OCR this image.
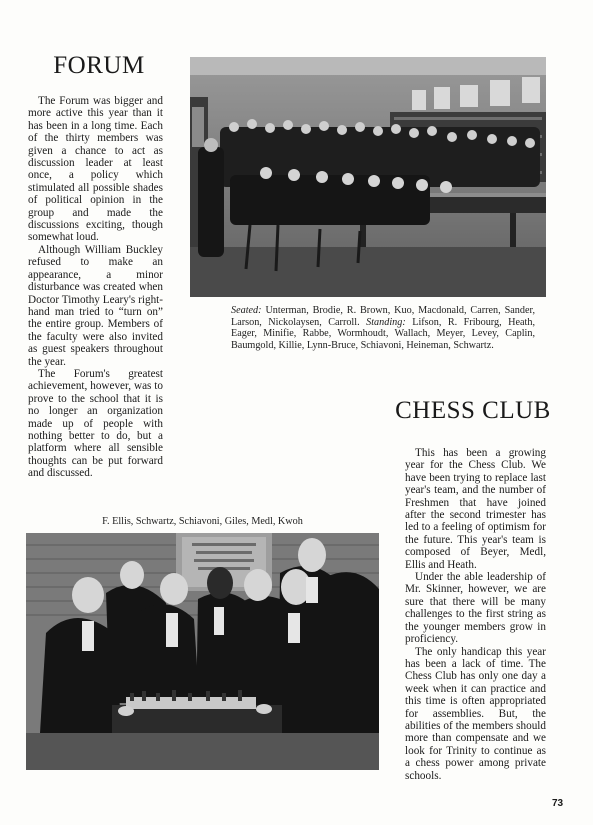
FORUM

The Forum was bigger and more active this year than it has been in a long time. Each of the thirty members was given a chance to act as discussion leader at least once, a policy which stimulated all possible shades of political opinion in the group and made the discussions exciting, though somewhat loud.

Although William Buckley refused to make an appearance, a minor disturbance was created when Doctor Timothy Leary's right-hand man tried to “turn on” the entire group. Members of the faculty were also invited as guest speakers throughout the year.

The Forum's greatest achievement, however, was to prove to the school that it is no longer an organization made up of people with nothing better to do, but a platform where all sensible thoughts can be put forward and discussed.

Seated: Unterman, Brodie, R. Brown, Kuo, Macdonald, Carren, Sander, Larson, Nickolaysen, Carroll. Standing: Lifson, R. Fribourg, Heath, Eager, Minifie, Rabbe, Wormhoudt, Wallach, Meyer, Levey, Caplin, Baumgold, Killie, Lynn-Bruce, Schiavoni, Heineman, Schwartz.

CHESS CLUB

F. Ellis, Schwartz, Schiavoni, Giles, Medl, Kwoh

This has been a growing year for the Chess Club. We have been trying to replace last year's team, and the number of Freshmen that have joined after the second trimester has led to a feeling of optimism for the future. This year's team is composed of Beyer, Medl, Ellis and Heath.

Under the able leadership of Mr. Skinner, however, we are sure that there will be many challenges to the first string as the younger members grow in proficiency.

The only handicap this year has been a lack of time. The Chess Club has only one day a week when it can practice and this time is often appropriated for assemblies. But, the abilities of the members should more than compensate and we look for Trinity to continue as a chess power among private schools.

73
